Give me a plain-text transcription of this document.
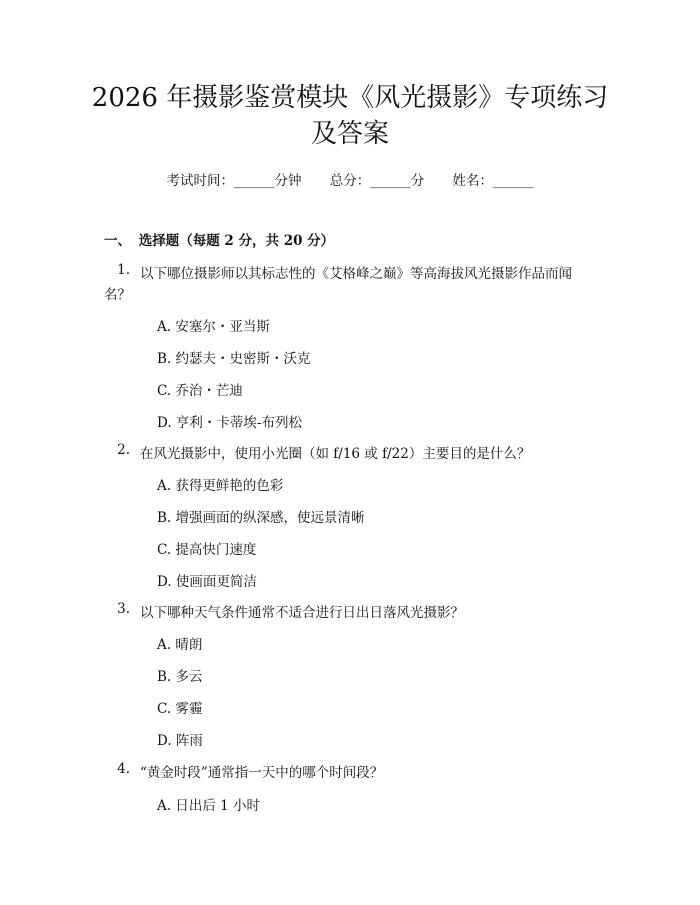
2026 年摄影鉴赏模块《风光摄影》专项练习
及答案
考试时间：______分钟 总分：______分 姓名：______
一、 选择题（每题 2 分，共 20 分）
1. 以下哪位摄影师以其标志性的《艾格峰之巅》等高海拔风光摄影作品而闻
名？
A. 安塞尔・亚当斯
B. 约瑟夫・史密斯・沃克
C. 乔治・芒迪
D. 亨利・卡蒂埃-布列松
2. 在风光摄影中，使用小光圈（如 f/16 或 f/22）主要目的是什么？
A. 获得更鲜艳的色彩
B. 增强画面的纵深感，使远景清晰
C. 提高快门速度
D. 使画面更简洁
3. 以下哪种天气条件通常不适合进行日出日落风光摄影？
A. 晴朗
B. 多云
C. 雾霾
D. 阵雨
4. “黄金时段”通常指一天中的哪个时间段？
A. 日出后 1 小时
